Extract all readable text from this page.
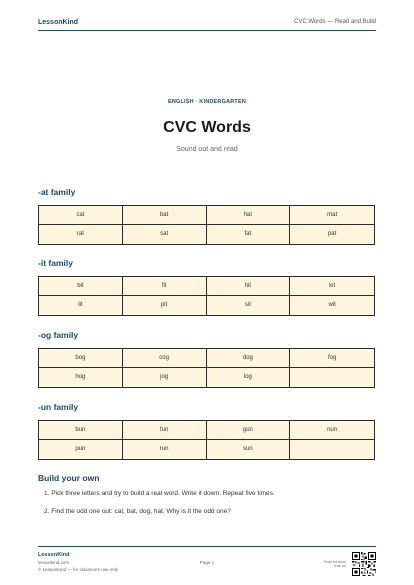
LessonKind	CVC Words — Read and Build
ENGLISH · KINDERGARTEN
CVC Words
Sound out and read
-at family
cat	bat	hat	mat
rat	sat	fat	pat
-it family
bit	fit	hit	kit
lit	pit	sit	wit
-og family
bog	cog	dog	fog
hog	jog	log
-un family
bun	fun	gun	nun
pun	run	sun
Build your own

1. Pick three letters and try to build a real word. Write it down. Repeat five times.

2. Find the odd one out: cat, bat, dog, hat. Why is it the odd one?

LessonKind
lessonkind.com
© LessonKind — for classroom use only
Page 1	Scan for more from us
